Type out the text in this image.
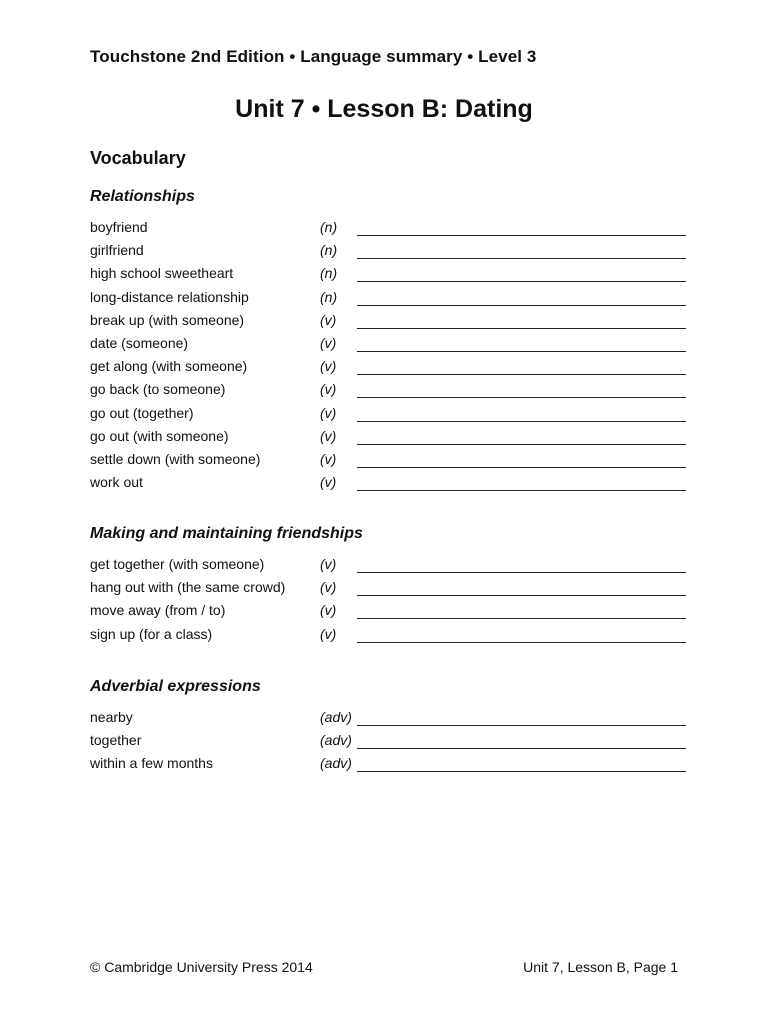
Touchstone 2nd Edition • Language summary • Level 3
Unit 7 • Lesson B: Dating
Vocabulary
Relationships
boyfriend	(n)
girlfriend	(n)
high school sweetheart	(n)
long-distance relationship	(n)
break up (with someone)	(v)
date (someone)	(v)
get along (with someone)	(v)
go back (to someone)	(v)
go out (together)	(v)
go out (with someone)	(v)
settle down (with someone)	(v)
work out	(v)
Making and maintaining friendships
get together (with someone)	(v)
hang out with (the same crowd) (v)
move away (from / to)	(v)
sign up (for a class)	(v)
Adverbial expressions
nearby	(adv)
together	(adv)
within a few months	(adv)
© Cambridge University Press 2014	Unit 7, Lesson B, Page 1
